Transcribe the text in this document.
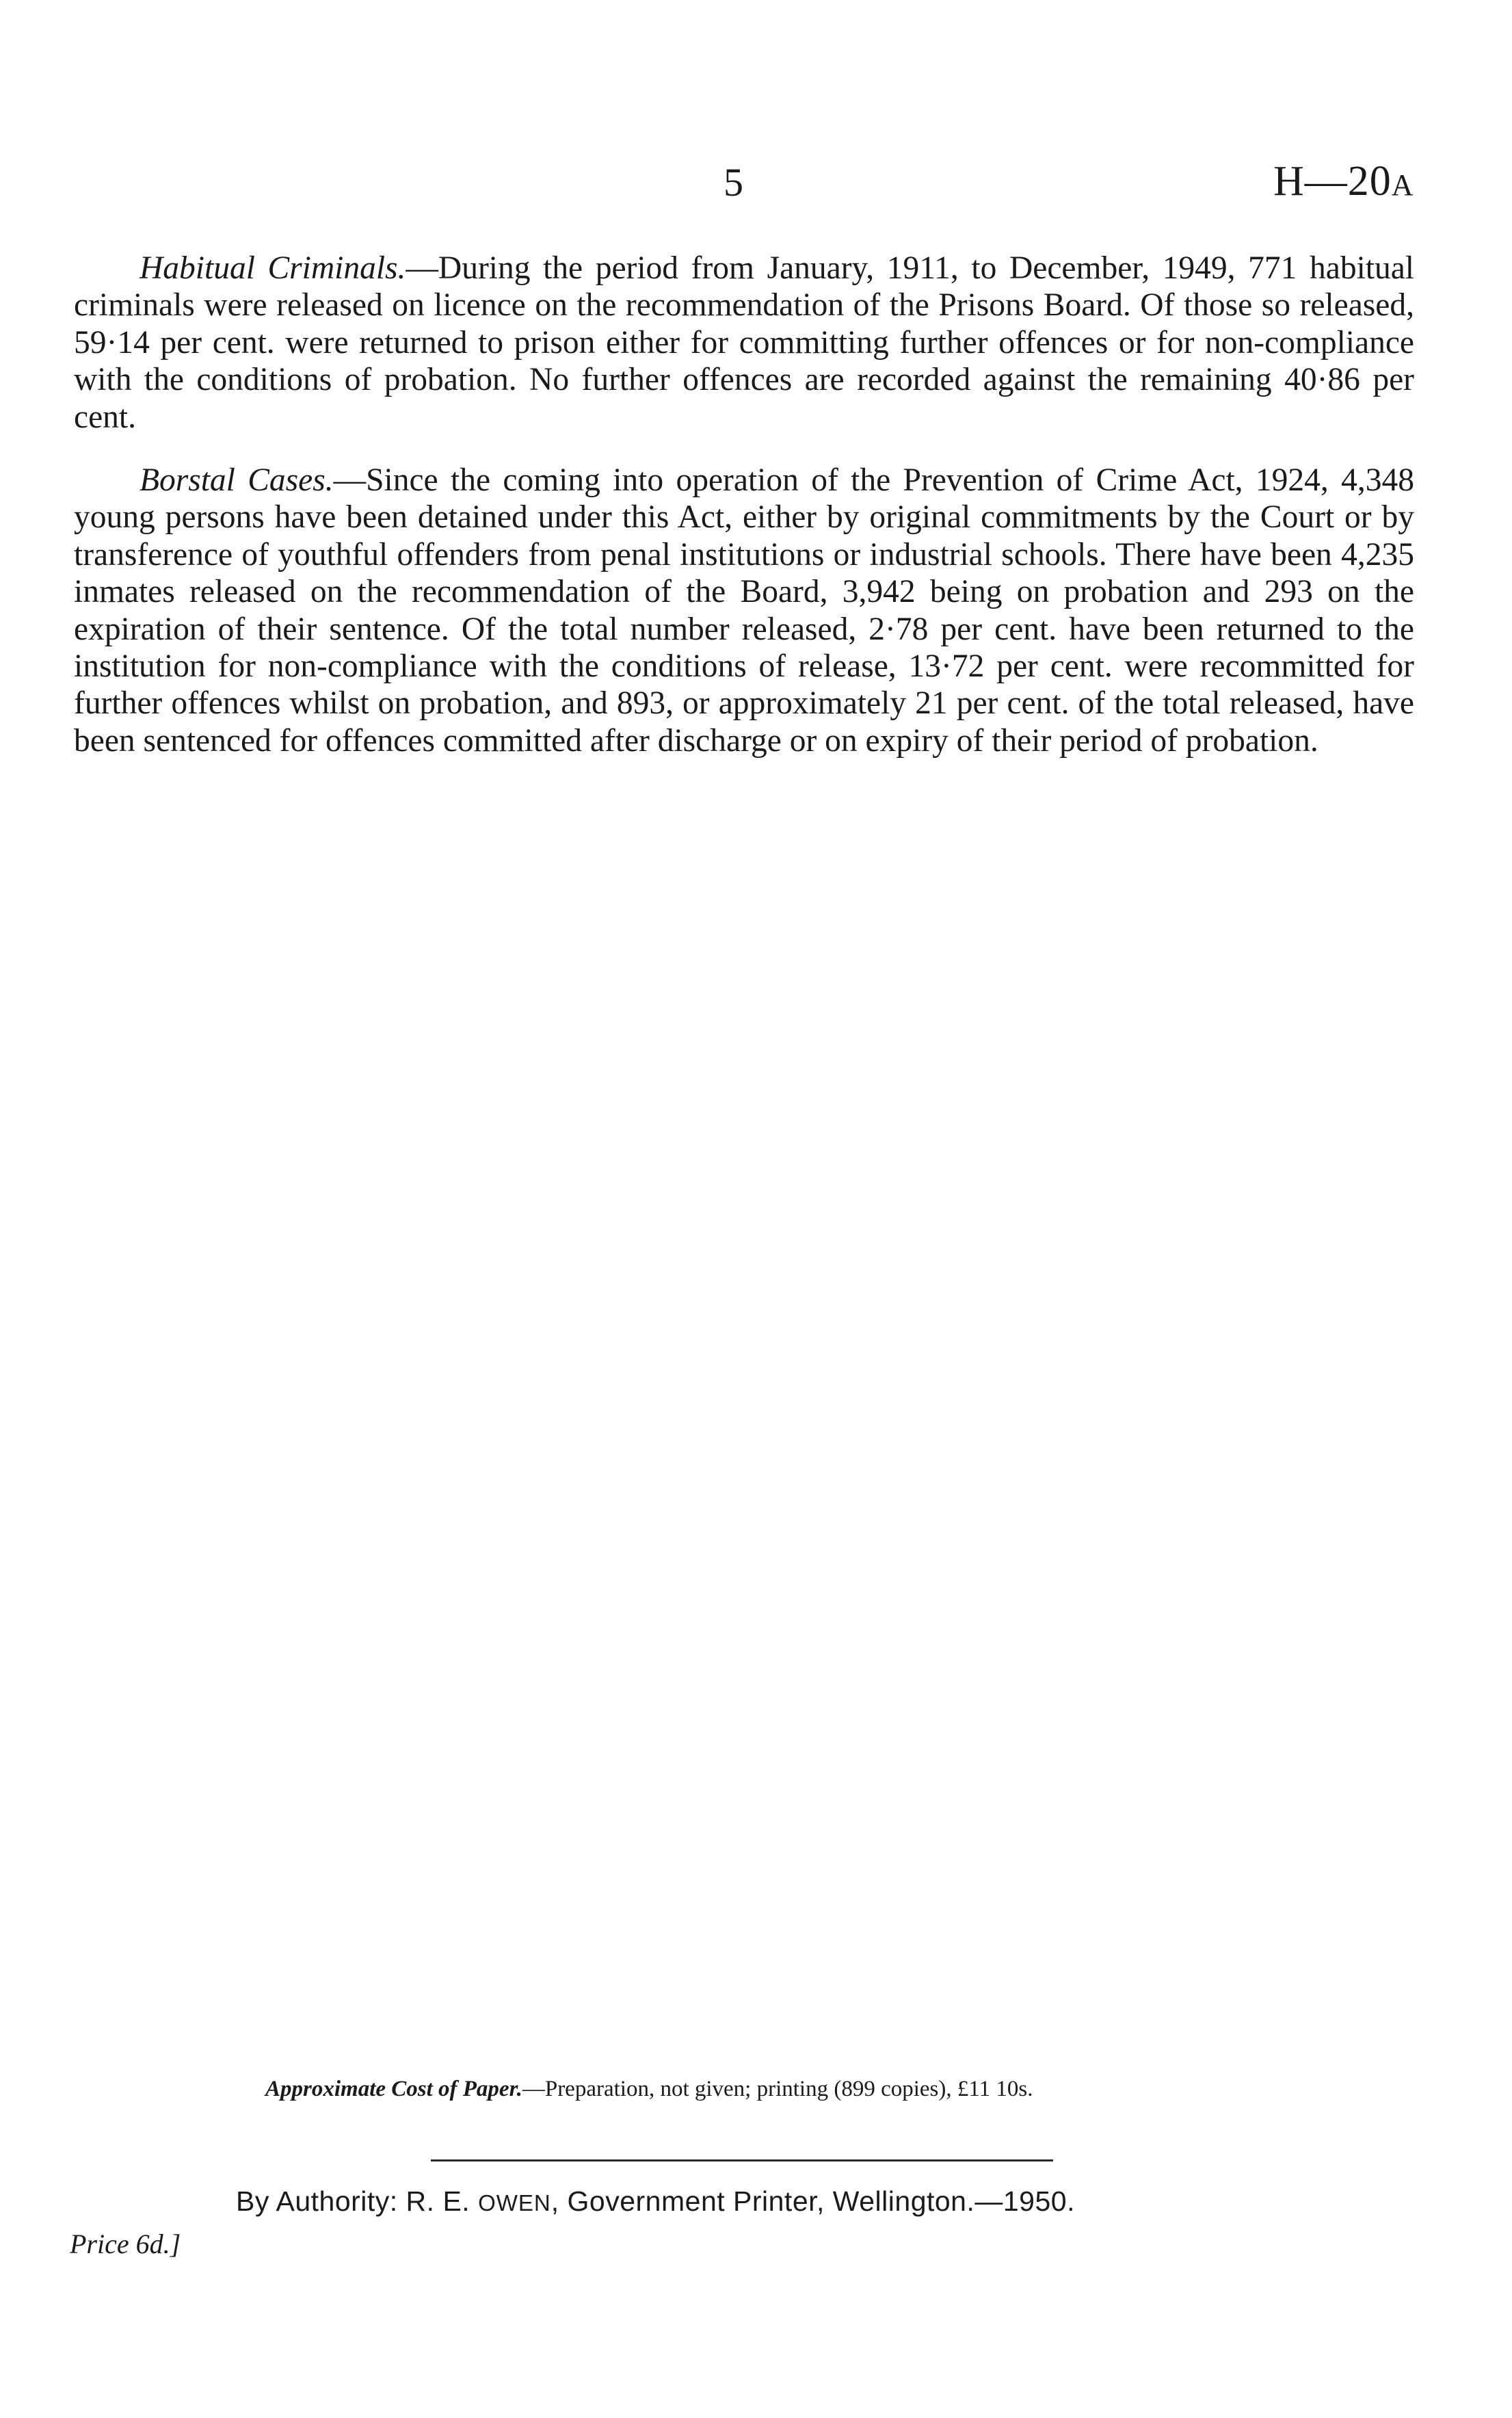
5	H—20A

Habitual Criminals.—During the period from January, 1911, to December, 1949, 771 habitual criminals were released on licence on the recommendation of the Prisons Board. Of those so released, 59·14 per cent. were returned to prison either for committing further offences or for non-compliance with the conditions of probation. No further offences are recorded against the remaining 40·86 per cent.

Borstal Cases.—Since the coming into operation of the Prevention of Crime Act, 1924, 4,348 young persons have been detained under this Act, either by original commitments by the Court or by transference of youthful offenders from penal institutions or industrial schools. There have been 4,235 inmates released on the recommendation of the Board, 3,942 being on probation and 293 on the expiration of their sentence. Of the total number released, 2·78 per cent. have been returned to the institution for non-compliance with the conditions of release, 13·72 per cent. were recommitted for further offences whilst on probation, and 893, or approximately 21 per cent. of the total released, have been sentenced for offences committed after discharge or on expiry of their period of probation.

Approximate Cost of Paper.—Preparation, not given; printing (899 copies), £11 10s.
By Authority: R. E. OWEN, Government Printer, Wellington.—1950.
Price 6d.]
